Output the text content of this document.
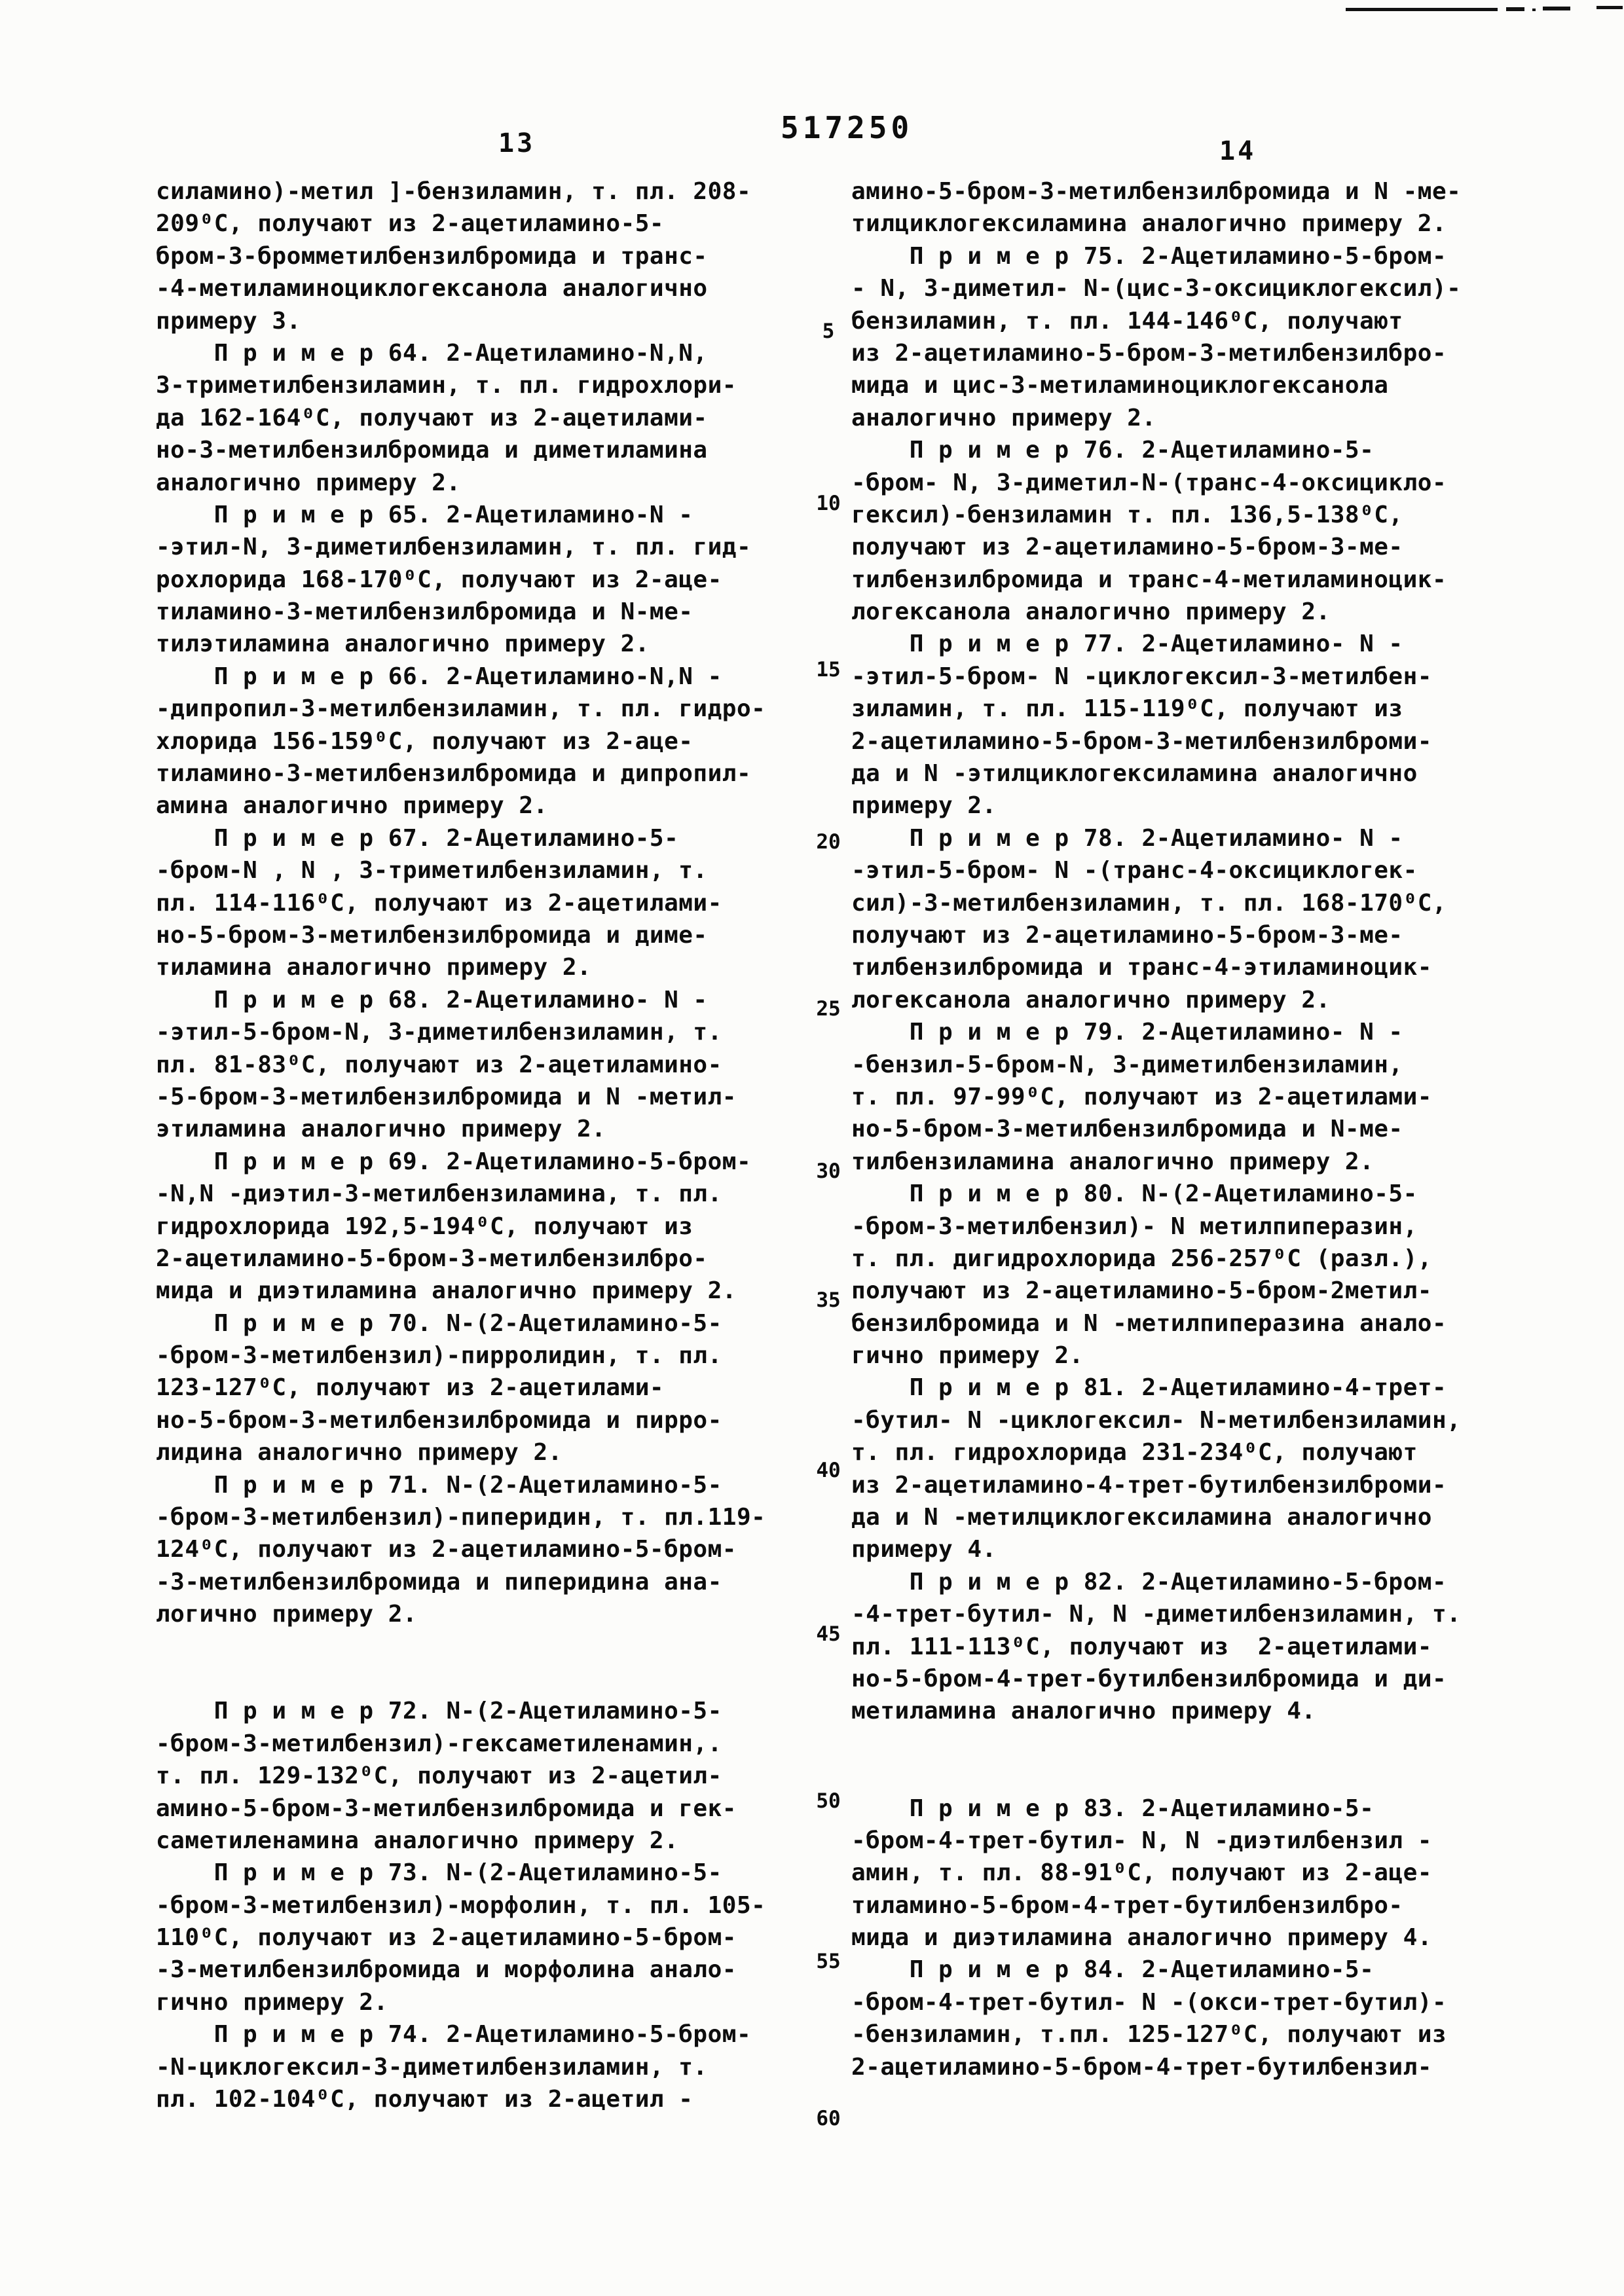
13	517250
14
силамино)-метил ]-бензиламин, т. пл. 208-
209⁰С, получают из 2-ацетиламино-5-
бром-3-бромметилбензилбромида и транс-
-4-метиламиноциклогексанола аналогично
примеру 3.
П р и м е р 64. 2-Ацетиламино-N,N,
3-триметилбензиламин, т. пл. гидрохлори-
да 162-164⁰С, получают из 2-ацетилами-
но-3-метилбензилбромида и диметиламина
аналогично примеру 2.
П р и м е р 65. 2-Ацетиламино-N -
-этил-N, 3-диметилбензиламин, т. пл. гид-
рохлорида 168-170⁰С, получают из 2-аце-
тиламино-3-метилбензилбромида и N-ме-
тилэтиламина аналогично примеру 2.
П р и м е р 66. 2-Ацетиламино-N,N -
-дипропил-3-метилбензиламин, т. пл. гидро-
хлорида 156-159⁰С, получают из 2-аце-
тиламино-3-метилбензилбромида и дипропил-
амина аналогично примеру 2.
П р и м е р 67. 2-Ацетиламино-5-
-бром-N , N , 3-триметилбензиламин, т.
пл. 114-116⁰С, получают из 2-ацетилами-
но-5-бром-3-метилбензилбромида и диме-
тиламина аналогично примеру 2.
П р и м е р 68. 2-Ацетиламино- N -
-этил-5-бром-N, 3-диметилбензиламин, т.
пл. 81-83⁰С, получают из 2-ацетиламино-
-5-бром-3-метилбензилбромида и N -метил-
этиламина аналогично примеру 2.
П р и м е р 69. 2-Ацетиламино-5-бром-
-N,N -диэтил-3-метилбензиламина, т. пл.
гидрохлорида 192,5-194⁰С, получают из
2-ацетиламино-5-бром-3-метилбензилбро-
мида и диэтиламина аналогично примеру 2.
П р и м е р 70. N-(2-Ацетиламино-5-
-бром-3-метилбензил)-пирролидин, т. пл.
123-127⁰С, получают из 2-ацетилами-
но-5-бром-3-метилбензилбромида и пирро-
лидина аналогично примеру 2.
П р и м е р 71. N-(2-Ацетиламино-5-
-бром-3-метилбензил)-пиперидин, т. пл.119-
124⁰С, получают из 2-ацетиламино-5-бром-
-3-метилбензилбромида и пиперидина ана-
логично примеру 2.

П р и м е р 72. N-(2-Ацетиламино-5-
-бром-3-метилбензил)-гексаметиленамин,.
т. пл. 129-132⁰С, получают из 2-ацетил-
амино-5-бром-3-метилбензилбромида и гек-
саметиленамина аналогично примеру 2.
П р и м е р 73. N-(2-Ацетиламино-5-
-бром-3-метилбензил)-морфолин, т. пл. 105-
110⁰С, получают из 2-ацетиламино-5-бром-
-3-метилбензилбромида и морфолина анало-
гично примеру 2.
П р и м е р 74. 2-Ацетиламино-5-бром-
-N-циклогексил-3-диметилбензиламин, т.
пл. 102-104⁰С, получают из 2-ацетил -
амино-5-бром-3-метилбензилбромида и N -ме-
тилциклогексиламина аналогично примеру 2.
П р и м е р 75. 2-Ацетиламино-5-бром-
- N, 3-диметил- N-(цис-3-оксициклогексил)-
бензиламин, т. пл. 144-146⁰С, получают
из 2-ацетиламино-5-бром-3-метилбензилбро-
мида и цис-3-метиламиноциклогексанола
аналогично примеру 2.
П р и м е р 76. 2-Ацетиламино-5-
-бром- N, 3-диметил-N-(транс-4-оксицикло-
гексил)-бензиламин т. пл. 136,5-138⁰С,
получают из 2-ацетиламино-5-бром-3-ме-
тилбензилбромида и транс-4-метиламиноцик-
логексанола аналогично примеру 2.
П р и м е р 77. 2-Ацетиламино- N -
-этил-5-бром- N -циклогексил-3-метилбен-
зиламин, т. пл. 115-119⁰С, получают из
2-ацетиламино-5-бром-3-метилбензилброми-
да и N -этилциклогексиламина аналогично
примеру 2.
П р и м е р 78. 2-Ацетиламино- N -
-этил-5-бром- N -(транс-4-оксициклогек-
сил)-3-метилбензиламин, т. пл. 168-170⁰С,
получают из 2-ацетиламино-5-бром-3-ме-
тилбензилбромида и транс-4-этиламиноцик-
логексанола аналогично примеру 2.
П р и м е р 79. 2-Ацетиламино- N -
-бензил-5-бром-N, 3-диметилбензиламин,
т. пл. 97-99⁰С, получают из 2-ацетилами-
но-5-бром-3-метилбензилбромида и N-ме-
тилбензиламина аналогично примеру 2.
П р и м е р 80. N-(2-Ацетиламино-5-
-бром-3-метилбензил)- N метилпиперазин,
т. пл. дигидрохлорида 256-257⁰С (разл.),
получают из 2-ацетиламино-5-бром-2метил-
бензилбромида и N -метилпиперазина анало-
гично примеру 2.
П р и м е р 81. 2-Ацетиламино-4-трет-
-бутил- N -циклогексил- N-метилбензиламин,
т. пл. гидрохлорида 231-234⁰С, получают
из 2-ацетиламино-4-трет-бутилбензилброми-
да и N -метилциклогексиламина аналогично
примеру 4.
П р и м е р 82. 2-Ацетиламино-5-бром-
-4-трет-бутил- N, N -диметилбензиламин, т.
пл. 111-113⁰С, получают из  2-ацетилами-
но-5-бром-4-трет-бутилбензилбромида и ди-
метиламина аналогично примеру 4.

П р и м е р 83. 2-Ацетиламино-5-
-бром-4-трет-бутил- N, N -диэтилбензил -
амин, т. пл. 88-91⁰С, получают из 2-аце-
тиламино-5-бром-4-трет-бутилбензилбро-
мида и диэтиламина аналогично примеру 4.
П р и м е р 84. 2-Ацетиламино-5-
-бром-4-трет-бутил- N -(окси-трет-бутил)-
-бензиламин, т.пл. 125-127⁰С, получают из
2-ацетиламино-5-бром-4-трет-бутилбензил-
5
10
15
20
25
30
35
40
45
50
55
60
